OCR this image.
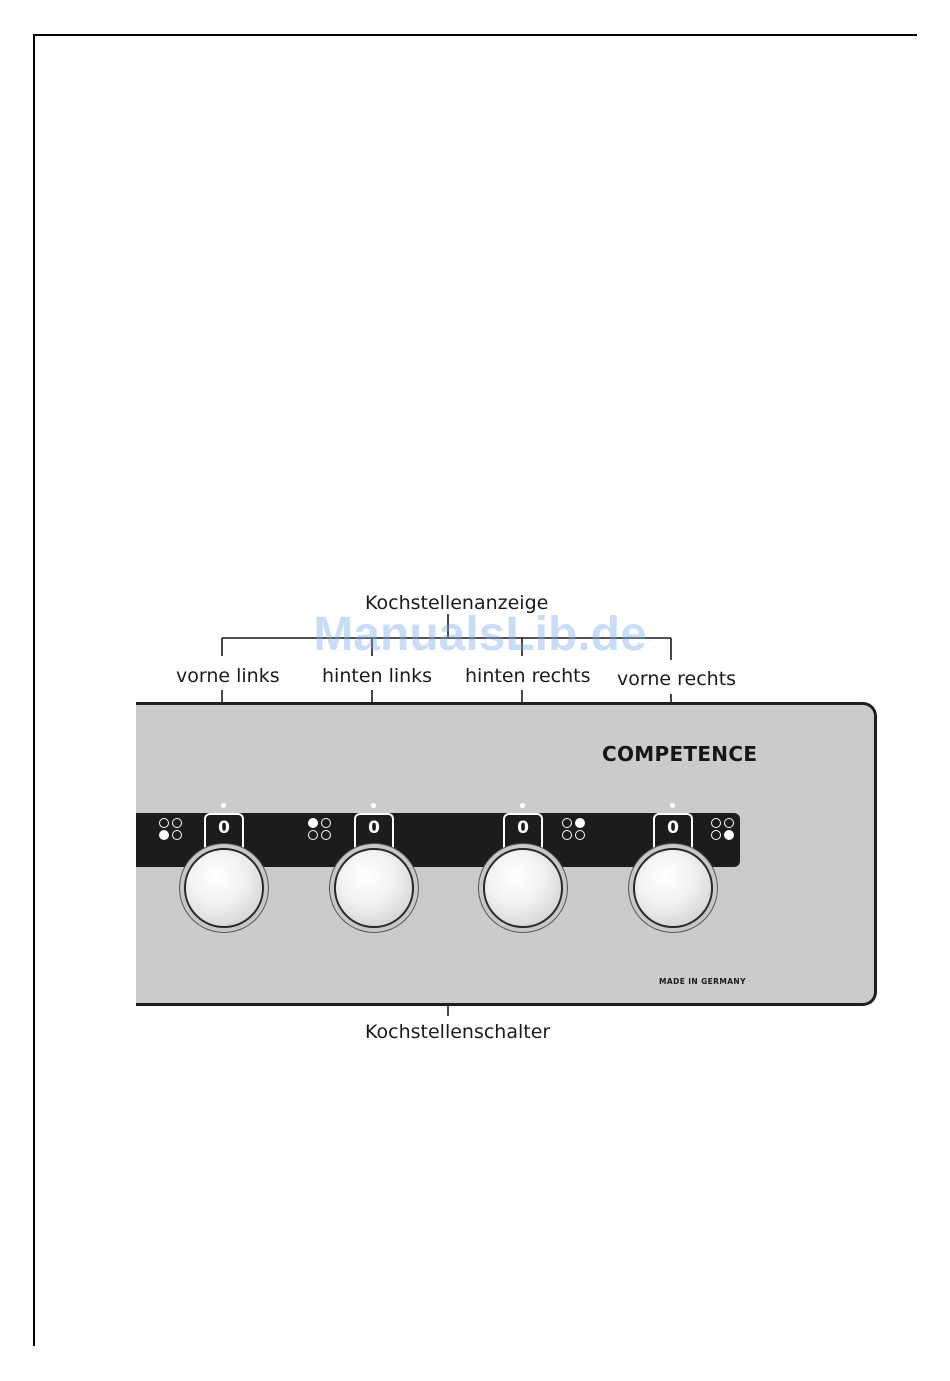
Kochstellenanzeige
ManualsLib.de
vorne links hinten links hinten rechts vorne rechts
COMPETENCE
MADE IN GERMANY
0	0	0	0
Kochstellenschalter
